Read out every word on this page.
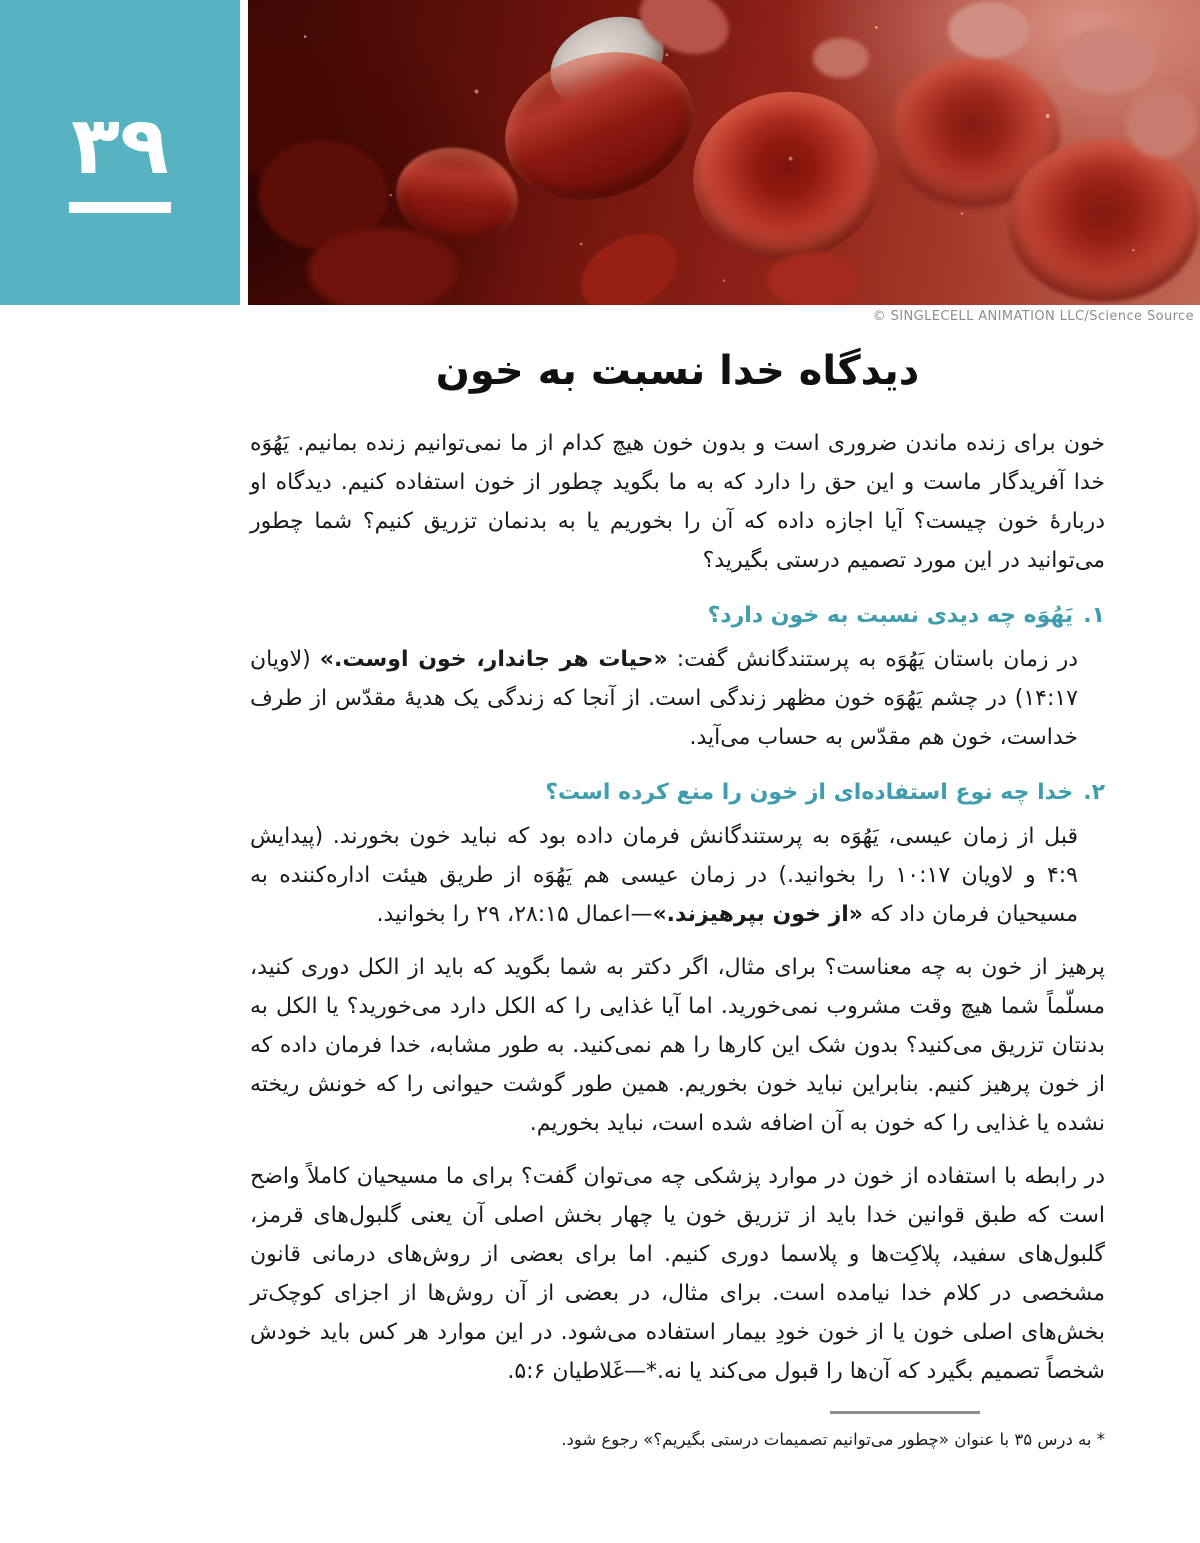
۳۹
© SINGLECELL ANIMATION LLC/Science Source
دیدگاه خدا نسبت به خون

خون برای زنده ماندن ضروری است و بدون خون هیچ کدام از ما نمی‌توانیم زنده بمانیم. یَهُوَه خدا آفریدگار ماست و این حق را دارد که به ما بگوید چطور از خون استفاده کنیم. دیدگاه او دربارهٔ خون چیست؟ آیا اجازه داده که آن را بخوریم یا به بدنمان تزریق کنیم؟ شما چطور می‌توانید در این مورد تصمیم درستی بگیرید؟

۱.یَهُوَه چه دیدی نسبت به خون دارد؟

در زمان باستان یَهُوَه به پرستندگانش گفت: «حیات هر جاندار، خون اوست.» (لاویان ۱۴:۱۷) در چشم یَهُوَه خون مظهر زندگی است. از آنجا که زندگی یک هدیهٔ مقدّس از طرف خداست، خون هم مقدّس به حساب می‌آید.

۲.خدا چه نوع استفاده‌ای از خون را منع کرده است؟

قبل از زمان عیسی، یَهُوَه به پرستندگانش فرمان داده بود که نباید خون بخورند. (پیدایش ۴:۹ و لاویان ۱۰:۱۷ را بخوانید.) در زمان عیسی هم یَهُوَه از طریق هیئت اداره‌کننده به مسیحیان فرمان داد که «از خون بپرهیزند.»—اعمال ۲۸:۱۵، ۲۹ را بخوانید.

پرهیز از خون به چه معناست؟ برای مثال، اگر دکتر به شما بگوید که باید از الکل دوری کنید، مسلّماً شما هیچ وقت مشروب نمی‌خورید. اما آیا غذایی را که الکل دارد می‌خورید؟ یا الکل به بدنتان تزریق می‌کنید؟ بدون شک این کارها را هم نمی‌کنید. به طور مشابه، خدا فرمان داده که از خون پرهیز کنیم. بنابراین نباید خون بخوریم. همین طور گوشت حیوانی را که خونش ریخته نشده یا غذایی را که خون به آن اضافه شده است، نباید بخوریم.

در رابطه با استفاده از خون در موارد پزشکی چه می‌توان گفت؟ برای ما مسیحیان کاملاً واضح است که طبق قوانین خدا باید از تزریق خون یا چهار بخش اصلی آن یعنی گلبول‌های قرمز، گلبول‌های سفید، پلاکِت‌ها و پلاسما دوری کنیم. اما برای بعضی از روش‌های درمانی قانون مشخصی در کلام خدا نیامده است. برای مثال، در بعضی از آن روش‌ها از اجزای کوچک‌تر بخش‌های اصلی خون یا از خون خودِ بیمار استفاده می‌شود. در این موارد هر کس باید خودش شخصاً تصمیم بگیرد که آن‌ها را قبول می‌کند یا نه.*—غَلاطیان ۵:۶.

* به درس ۳۵ با عنوان «چطور می‌توانیم تصمیمات درستی بگیریم؟» رجوع شود.
